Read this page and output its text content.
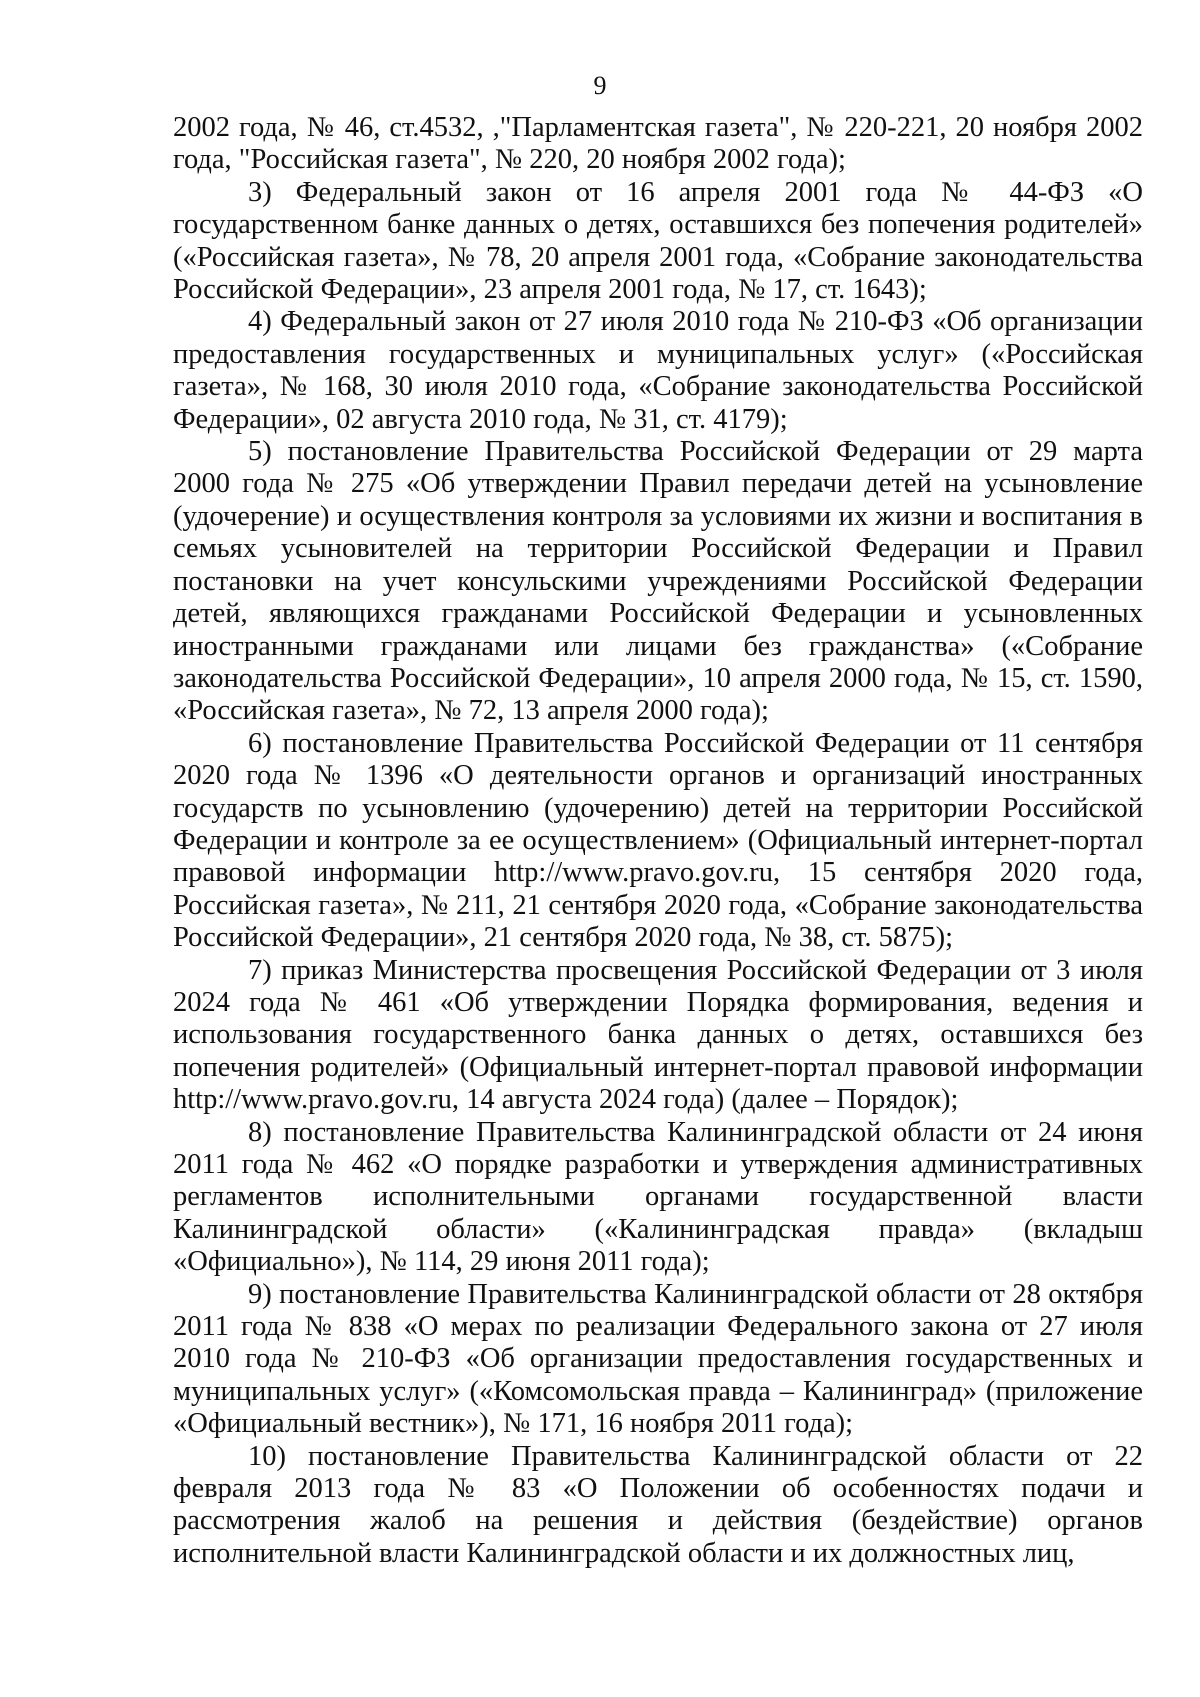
9

2002 года, № 46, ст.4532, ,"Парламентская газета", № 220-221, 20 ноября 2002 года, "Российская газета", № 220, 20 ноября 2002 года);

3) Федеральный закон от 16 апреля 2001 года № 44-ФЗ «О государственном банке данных о детях, оставшихся без попечения родителей» («Российская газета», № 78, 20 апреля 2001 года, «Собрание законодательства Российской Федерации», 23 апреля 2001 года, № 17, ст. 1643);

4) Федеральный закон от 27 июля 2010 года № 210-ФЗ «Об организации предоставления государственных и муниципальных услуг» («Российская газета», № 168, 30 июля 2010 года, «Собрание законодательства Российской Федерации», 02 августа 2010 года, № 31, ст. 4179);

5) постановление Правительства Российской Федерации от 29 марта 2000 года № 275 «Об утверждении Правил передачи детей на усыновление (удочерение) и осуществления контроля за условиями их жизни и воспитания в семьях усыновителей на территории Российской Федерации и Правил постановки на учет консульскими учреждениями Российской Федерации детей, являющихся гражданами Российской Федерации и усыновленных иностранными гражданами или лицами без гражданства» («Собрание законодательства Российской Федерации», 10 апреля 2000 года, № 15, ст. 1590, «Российская газета», № 72, 13 апреля 2000 года);

6) постановление Правительства Российской Федерации от 11 сентября 2020 года № 1396 «О деятельности органов и организаций иностранных государств по усыновлению (удочерению) детей на территории Российской Федерации и контроле за ее осуществлением» (Официальный интернет-портал правовой информации http://www.pravo.gov.ru, 15 сентября 2020 года, Российская газета», № 211, 21 сентября 2020 года, «Собрание законодательства Российской Федерации», 21 сентября 2020 года, № 38, ст. 5875);

7) приказ Министерства просвещения Российской Федерации от 3 июля 2024 года № 461 «Об утверждении Порядка формирования, ведения и использования государственного банка данных о детях, оставшихся без попечения родителей» (Официальный интернет-портал правовой информации http://www.pravo.gov.ru, 14 августа 2024 года) (далее – Порядок);

8) постановление Правительства Калининградской области от 24 июня 2011 года № 462 «О порядке разработки и утверждения административных регламентов исполнительными органами государственной власти Калининградской области» («Калининградская правда» (вкладыш «Официально»), № 114, 29 июня 2011 года);

9) постановление Правительства Калининградской области от 28 октября 2011 года № 838 «О мерах по реализации Федерального закона от 27 июля 2010 года № 210-ФЗ «Об организации предоставления государственных и муниципальных услуг» («Комсомольская правда – Калининград» (приложение «Официальный вестник»), № 171, 16 ноября 2011 года);

10) постановление Правительства Калининградской области от 22 февраля 2013 года № 83 «О Положении об особенностях подачи и рассмотрения жалоб на решения и действия (бездействие) органов исполнительной власти Калининградской области и их должностных лиц,
